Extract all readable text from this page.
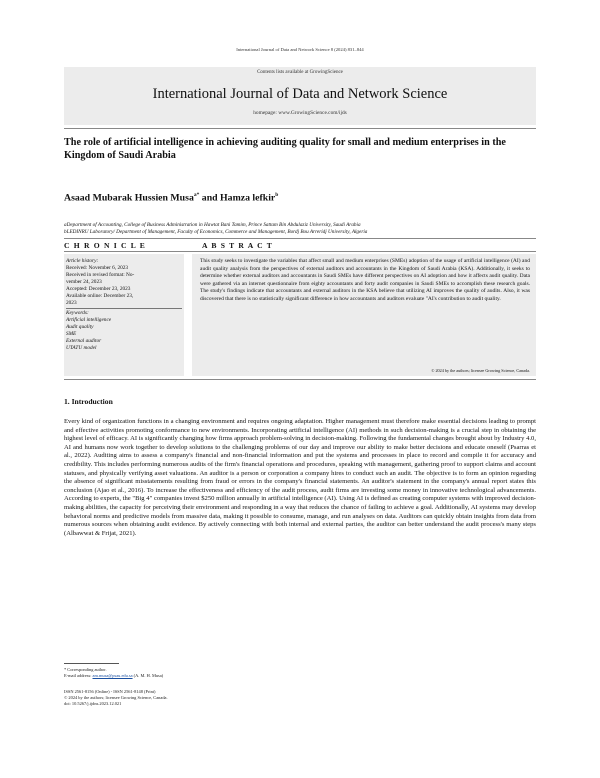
International Journal of Data and Network Science 8 (2024) 831–844
Contents lists available at GrowingScience
International Journal of Data and Network Science
homepage: www.GrowingScience.com/ijds
The role of artificial intelligence in achieving auditing quality for small and medium enterprises in the Kingdom of Saudi Arabia
Asaad Mubarak Hussien Musa$^{a*}$ and Hamza lefkir$^b$
aDepartment of Accounting, College of Business Administration in Hawtat Bani Tamim, Prince Sattam Bin Abdulaziz University, Saudi Arabia
bLEDINRU Laboratory/ Department of Management, Faculty of Economics, Commerce and Management, Bordj Bou Arreridj University, Algeria
C H R O N I C L E	A B S T R A C T
Article history:
Received: November 6, 2023
Received in revised format: No-
vember 24, 2023
Accepted: December 23, 2023
Available online: December 23,
2023
Keywords:
Artificial intelligence
Audit quality
SME
External auditor
UTATU model
This study seeks to investigate the variables that affect small and medium enterprises (SMEs) adoption of the usage of artificial intelligence (AI) and audit quality analysis from the perspectives of external auditors and accountants in the Kingdom of Saudi Arabia (KSA). Additionally, it seeks to determine whether external auditors and accountants in Saudi SMEs have different perspectives on AI adoption and how it affects audit quality. Data were gathered via an internet questionnaire from eighty accountants and forty audit companies in Saudi SMEs to accomplish these research goals. The study's findings indicate that accountants and external auditors in the KSA believe that utilizing AI improves the quality of audits. Also, it was discovered that there is no statistically significant difference in how accountants and auditors evaluate "AI's contribution to audit quality.
© 2024 by the authors; licensee Growing Science, Canada.
1. Introduction
Every kind of organization functions in a changing environment and requires ongoing adaptation. Higher management must therefore make essential decisions leading to prompt and effective activities promoting conformance to new environments. Incorporating artificial intelligence (AI) methods in such decision-making is a crucial step in obtaining the highest level of efficacy. AI is significantly changing how firms approach problem-solving in decision-making. Following the fundamental changes brought about by Industry 4.0, AI and humans now work together to develop solutions to the challenging problems of our day and improve our ability to make better decisions and educate oneself (Psarras et al., 2022). Auditing aims to assess a company's financial and non-financial information and put the systems and processes in place to record and compile it for accuracy and credibility. This includes performing numerous audits of the firm's financial operations and procedures, speaking with management, gathering proof to support claims and account statuses, and physically verifying asset valuations. An auditor is a person or corporation a company hires to conduct such an audit. The objective is to form an opinion regarding the absence of significant misstatements resulting from fraud or errors in the company's financial statements. An auditor's statement in the company's annual report states this conclusion (Ajao et al., 2016). To increase the effectiveness and efficiency of the audit process, audit firms are investing some money in innovative technological advancements. According to experts, the "Big 4" companies invest $250 million annually in artificial intelligence (AI). Using AI is defined as creating computer systems with improved decision-making abilities, the capacity for perceiving their environment and responding in a way that reduces the chance of failing to achieve a goal. Additionally, AI systems may develop behavioral norms and predictive models from massive data, making it possible to consume, manage, and run analyses on data. Auditors can quickly obtain insights from data from numerous sources when obtaining audit evidence. By actively connecting with both internal and external parties, the auditor can better understand the audit process's many steps (Albawwat & Frijat, 2021).
* Corresponding author.
E-mail address: am.musa@psau.edu.sa (A. M. H. Musa)
ISSN 2561-8156 (Online) - ISSN 2561-8148 (Print)
© 2024 by the authors; licensee Growing Science, Canada.
doi: 10.5267/j.ijdns.2023.12.021
